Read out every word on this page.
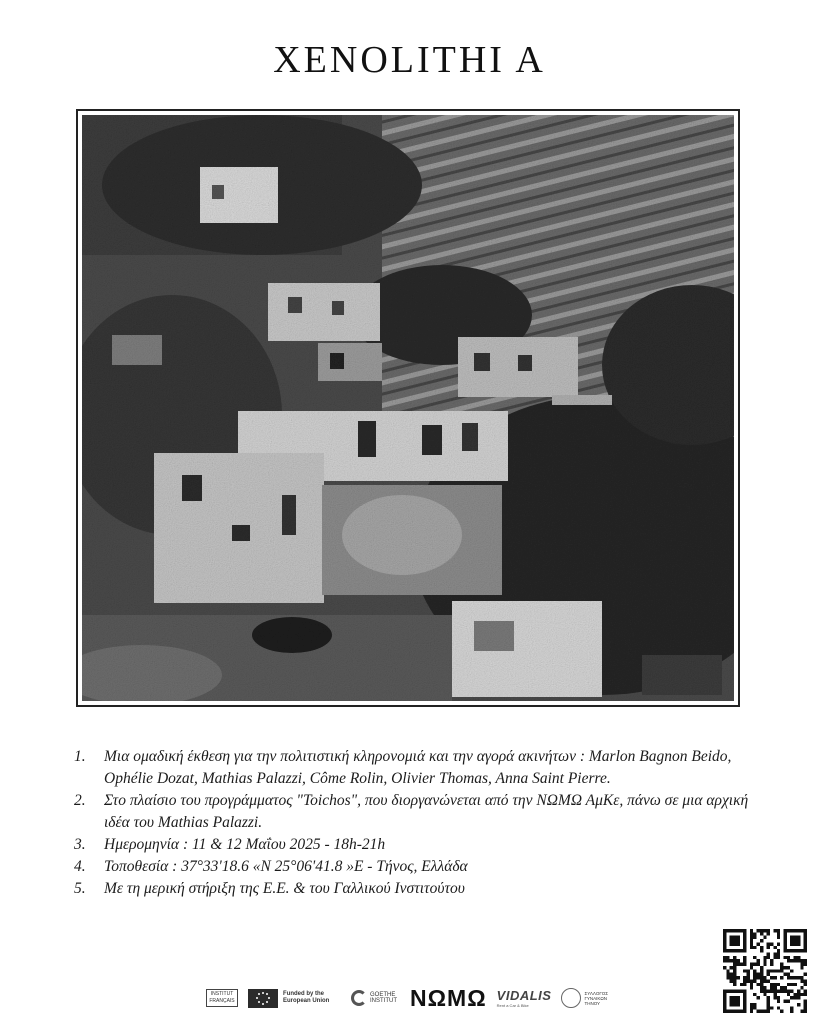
XENOLITHI A
1. Μια ομαδική έκθεση για την πολιτιστική κληρονομιά και την αγορά ακινήτων : Marlon Bagnon Beido, Ophélie Dozat, Mathias Palazzi, Côme Rolin, Olivier Thomas, Anna Saint Pierre.
2. Στο πλαίσιο του προγράμματος "Toichos", που διοργανώνεται από την ΝΩΜΩ ΑμΚε, πάνω σε μια αρχική ιδέα του Mathias Palazzi.
3. Ημερομηνία : 11 & 12 Μαΐου 2025 - 18h-21h
4. Τοποθεσία : 37°33'18.6 «N 25°06'41.8 »E - Τήνος, Ελλάδα
5. Με τη μερική στήριξη της Ε.Ε. & του Γαλλικού Ινστιτούτου
INSTITUT FRANÇAIS
Funded by the European Union
GOETHE INSTITUT ΝΩΜΩ VIDALIS
Rent a Car & Bike
ΣΥΛΛΟΓΟΣ ΓΥΝΑΙΚΩΝ ΤΗΝΟΥ
